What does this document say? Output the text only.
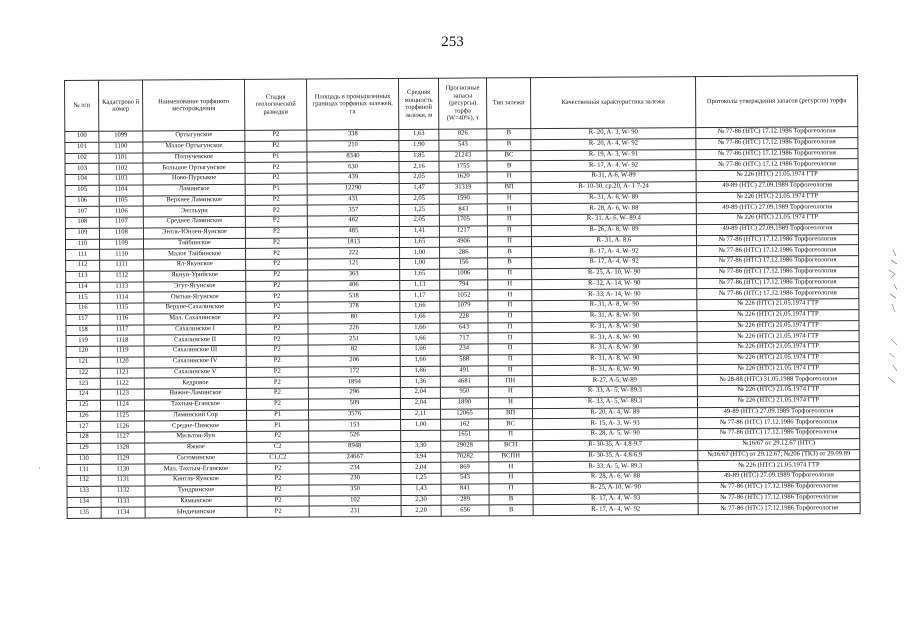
253
№ п/п	Кадастрово й номер	Наименование торфяного месторождения	Стадия геологической разведки	Площадь в промышленных границах торфяных залежей, га	Средняя мощность торфяной залежи, м	Прогнозные запасы (ресурсы) торфа (W=40%), т	Тип залежи	Качественная характеристика залежи	Протоколы утверждения запасов (ресурсов) торфа
100	1099	Ортыгунское	Р2	338	1,63	826	В	R- 20, A- 3, W- 90	№ 77-86 (НТС) 17.12.1986 Торфогеология
101	1100	Малое Ортыгунское	Р2	210	1,90	543	В	R- 20, A- 4, W- 92	№ 77-86 (НТС) 17.12.1986 Торфогеология
102	1101	Ползучевское	Р1	8340	1,85	21243	ВС	R- 19, A- 3, W- 91	№ 77-86 (НТС) 17.12.1986 Торфогеология
103	1102	Большое Ортыгунское	Р2	630	2,16	1755	В	R- 17, A- 4, W- 92	№ 77-86 (НТС) 17.12.1986 Торфогеология
104	1103	Ново-Пурсыкое	Р2	439	2,05	1620	Н	R-31, A-6, W-89	№ 226 (НТС) 21.05.1974 ГТР
105	1104	Ламинское	Р1	12290	1,47	31319	ВП	R- 10-30, ср.20, A- 1 7-24	49-89 (НТС) 27.09.1989 Торфогеология
106	1105	Верхнее Ламинское	Р2	431	2,05	1590	Н	R- 31, A- 6, W- 89	№ 226 (НТС) 21.05.1974 ГТР
107	1106	Энтльури	Р2	357	1,25	843	Н	R- 28, A- 6, W- 88	49-89 (НТС) 27.09.1989 Торфогеология
108	1107	Среднее Ламинское	Р2	462	2,05	1705	П	R- 31, A- 6, W- 89.4	№ 226 (НТС) 21.05.1974 ГТР
109	1108	Энтль-Юнлен-Яунское	Р2	485	1,41	1217	П	R- 26, A- 8, W- 89	49-89 (НТС) 27.09.1989 Торфогеология
110	1109	Тайбинское	Р2	1813	1,65	4906	П	R- 31, A- 8.6	№ 77-86 (НТС) 17.12.1986 Торфогеология
111	1110	Малое Тайбинское	Р2	222	1,00	286	В	R- 17, A- 4, W- 92	№ 77-86 (НТС) 17.12.1986 Торфогеология
112	1111	Ял-Якунское	Р2	121	1,00	156	В	R- 17, A- 4, W- 92	№ 77-86 (НТС) 17.12.1986 Торфогеология
113	1112	Якнун-Урийское	Р2	363	1,65	1006	П	R- 25, A- 10, W- 90	№ 77-86 (НТС) 17.12.1986 Торфогеология
114	1113	Эгут-Ягунское	Р2	406	1,13	794	Н	R- 32, A- 14, W- 90	№ 77-86 (НТС) 17.12.1986 Торфогеология
115	1114	Омтын-Ягунское	Р2	538	1,17	1052	Н	R- 33, A- 14, W- 90	№ 77-86 (НТС) 17.12.1986 Торфогеология
116	1115	Верхне-Сахалинское	Р2	378	1,66	1079	П	R- 31, A- 8, W- 90	№ 226 (НТС) 21.05.1974 ГТР
117	1116	Мал. Сахалинское	Р2	80	1,66	228	П	R- 31, A- 8, W- 90	№ 226 (НТС) 21.05.1974 ГТР
118	1117	Сахалинское I	Р2	226	1,66	643	П	R- 31, A- 8, W- 90	№ 226 (НТС) 21.05.1974 ГТР
119	1118	Сахалинское II	Р2	251	1,66	717	П	R- 31, A- 8, W- 90	№ 226 (НТС) 21.05.1974 ГТР
120	1119	Сахалинское III	Р2	82	1,66	234	П	R- 31, A- 8, W- 90	№ 226 (НТС) 21.05.1974 ГТР
121	1120	Сахалинское IV	Р2	206	1,66	588	П	R- 31, A- 8, W- 90	№ 226 (НТС) 21.05.1974 ГТР
122	1121	Сахалинское V	Р2	172	1,66	491	П	R- 31, A- 8, W- 90	№ 226 (НТС) 21.05.1974 ГТР
123	1122	Кедровое	Р2	1894	1,36	4681	ПН	R-27, A-5, W-89	№ 28-88 (НТС) 31.05.1988 Торфогеология
124	1123	Нижне-Ламинское	Р2	296	2,04	950	Н	R- 33, A- 5, W- 89.3	№ 226 (НТС) 21.05.1974 ГТР
125	1124	Тахтым-Еганское	Р2	509	2,04	1890	Н	R- 33, A- 5, W- 89.3	№ 226 (НТС) 21.05.1974 ГТР
126	1125	Ламинский Сор	Р1	3576	2,11	12065	ВП	R- 20, A- 4, W- 89	49-89 (НТС) 27.09.1989 Торфогеология
127	1126	Средне-Пимское	Р1	153	1,00	162	ВС	R- 15, A- 3, W- 93	№ 77-86 (НТС) 17.12.1986 Торфогеология
128	1127	Мильтон-Яун	Р2	526		1651	П	R- 28, A- 5, W- 90	№ 77-86 (НТС) 17.12.1986 Торфогеология
129	1128	Яжкое	С2	8948	3,30	29028	ВСН	R- 30-35, A- 4.8-9.7	№16/67 от 29.12.67 (НТС)
130	1129	Сытоминское	С1,С2	24667	3,94	70282	ВСПН	R- 30-35, A- 4.8-6.9	№16/67 (НТС) от 29.12.67; №206 (ТКЗ) от 29.09.89
131	1130	Мал. Тахтым-Еганское	Р2	234	2,04	869	Н	R- 33, A- 5, W- 89.3	№ 226 (НТС) 21.05.1974 ГТР
132	1131	Кинтль-Яунское	Р2	230	1,25	543	Н	R- 28, A- 6, W- 88	49-89 (НТС) 27.09.1989 Торфогеология
133	1132	Тундринское	Р2	350	1,43	841	П	R- 25, A-10, W- 90	№ 77-86 (НТС) 17.12.1986 Торфогеология
134	1133	Камынское	Р2	102	2,30	289	В	R- 17, A- 4, W- 93	№ 77-86 (НТС) 17.12.1986 Торфогеология
135	1134	Ындичинское	Р2	231	2,20	656	В	R- 17, A- 4, W- 92	№ 77-86 (НТС) 17.12.1986 Торфогеология
·
